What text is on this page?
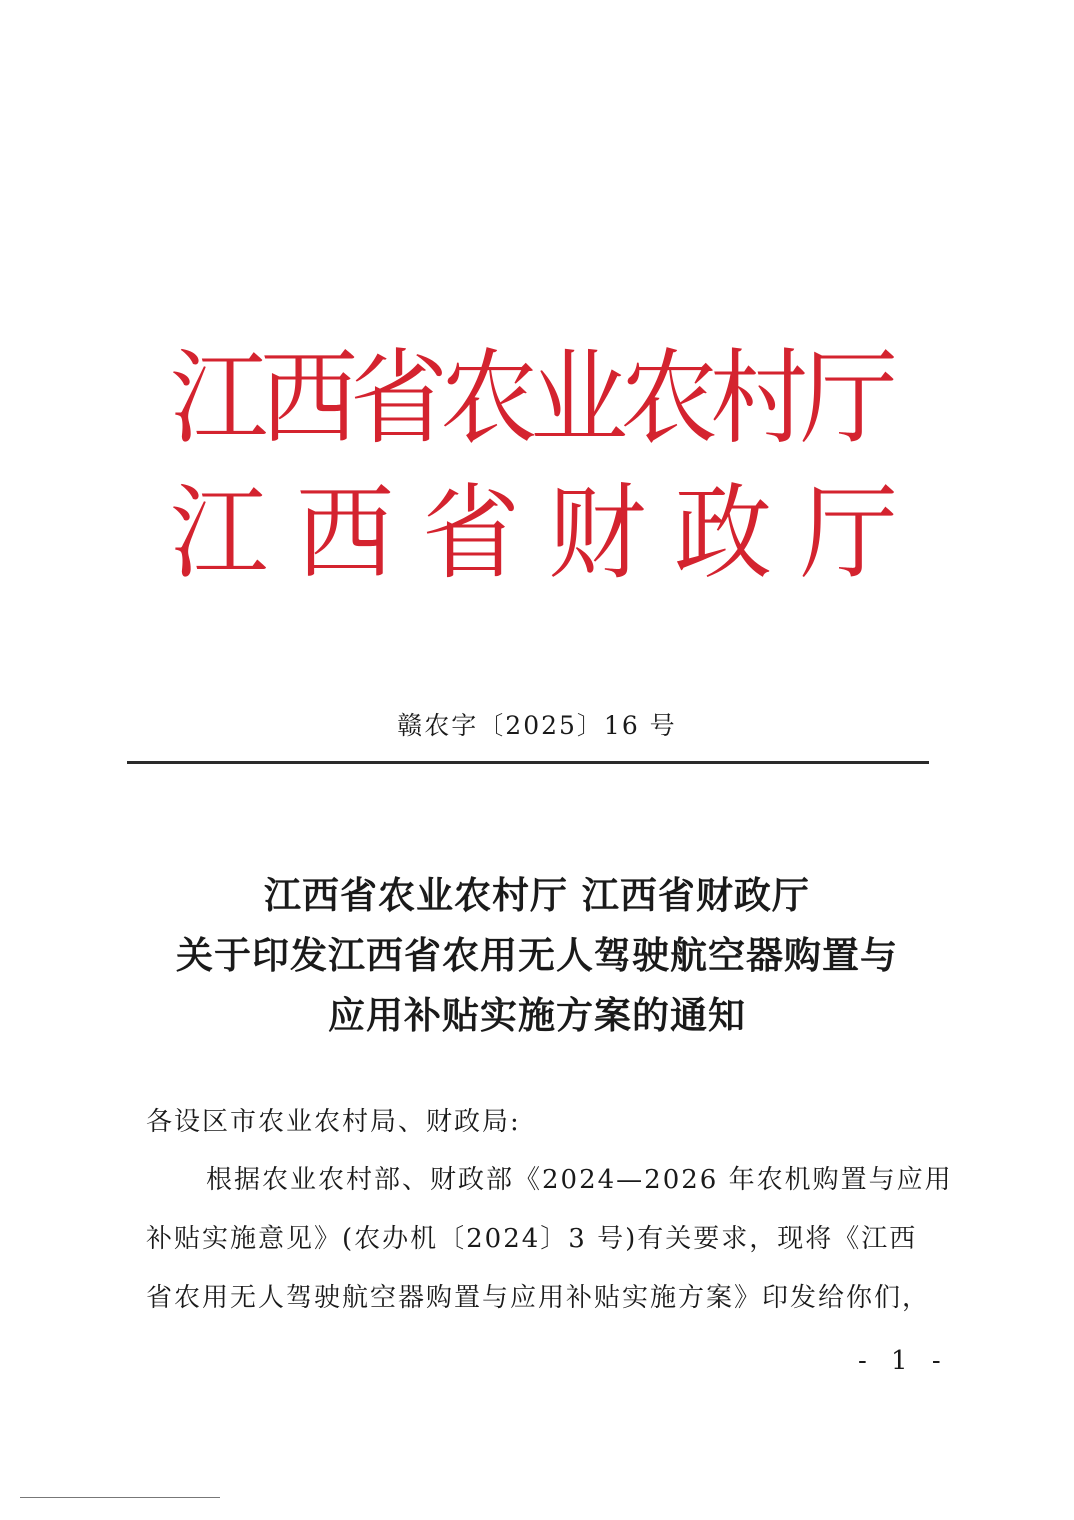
江
西
省
农
业
农
村
厅
江 西 省 财 政 厅
赣农字〔2025〕16 号
江西省农业农村厅 江西省财政厅
关于印发江西省农用无人驾驶航空器购置与
应用补贴实施方案的通知
各设区市农业农村局、财政局:
根据农业农村部、财政部《2024—2026 年农机购置与应用
补贴实施意见》(农办机〔2024〕3 号)有关要求，现将《江西
省农用无人驾驶航空器购置与应用补贴实施方案》印发给你们，
- 1 -
